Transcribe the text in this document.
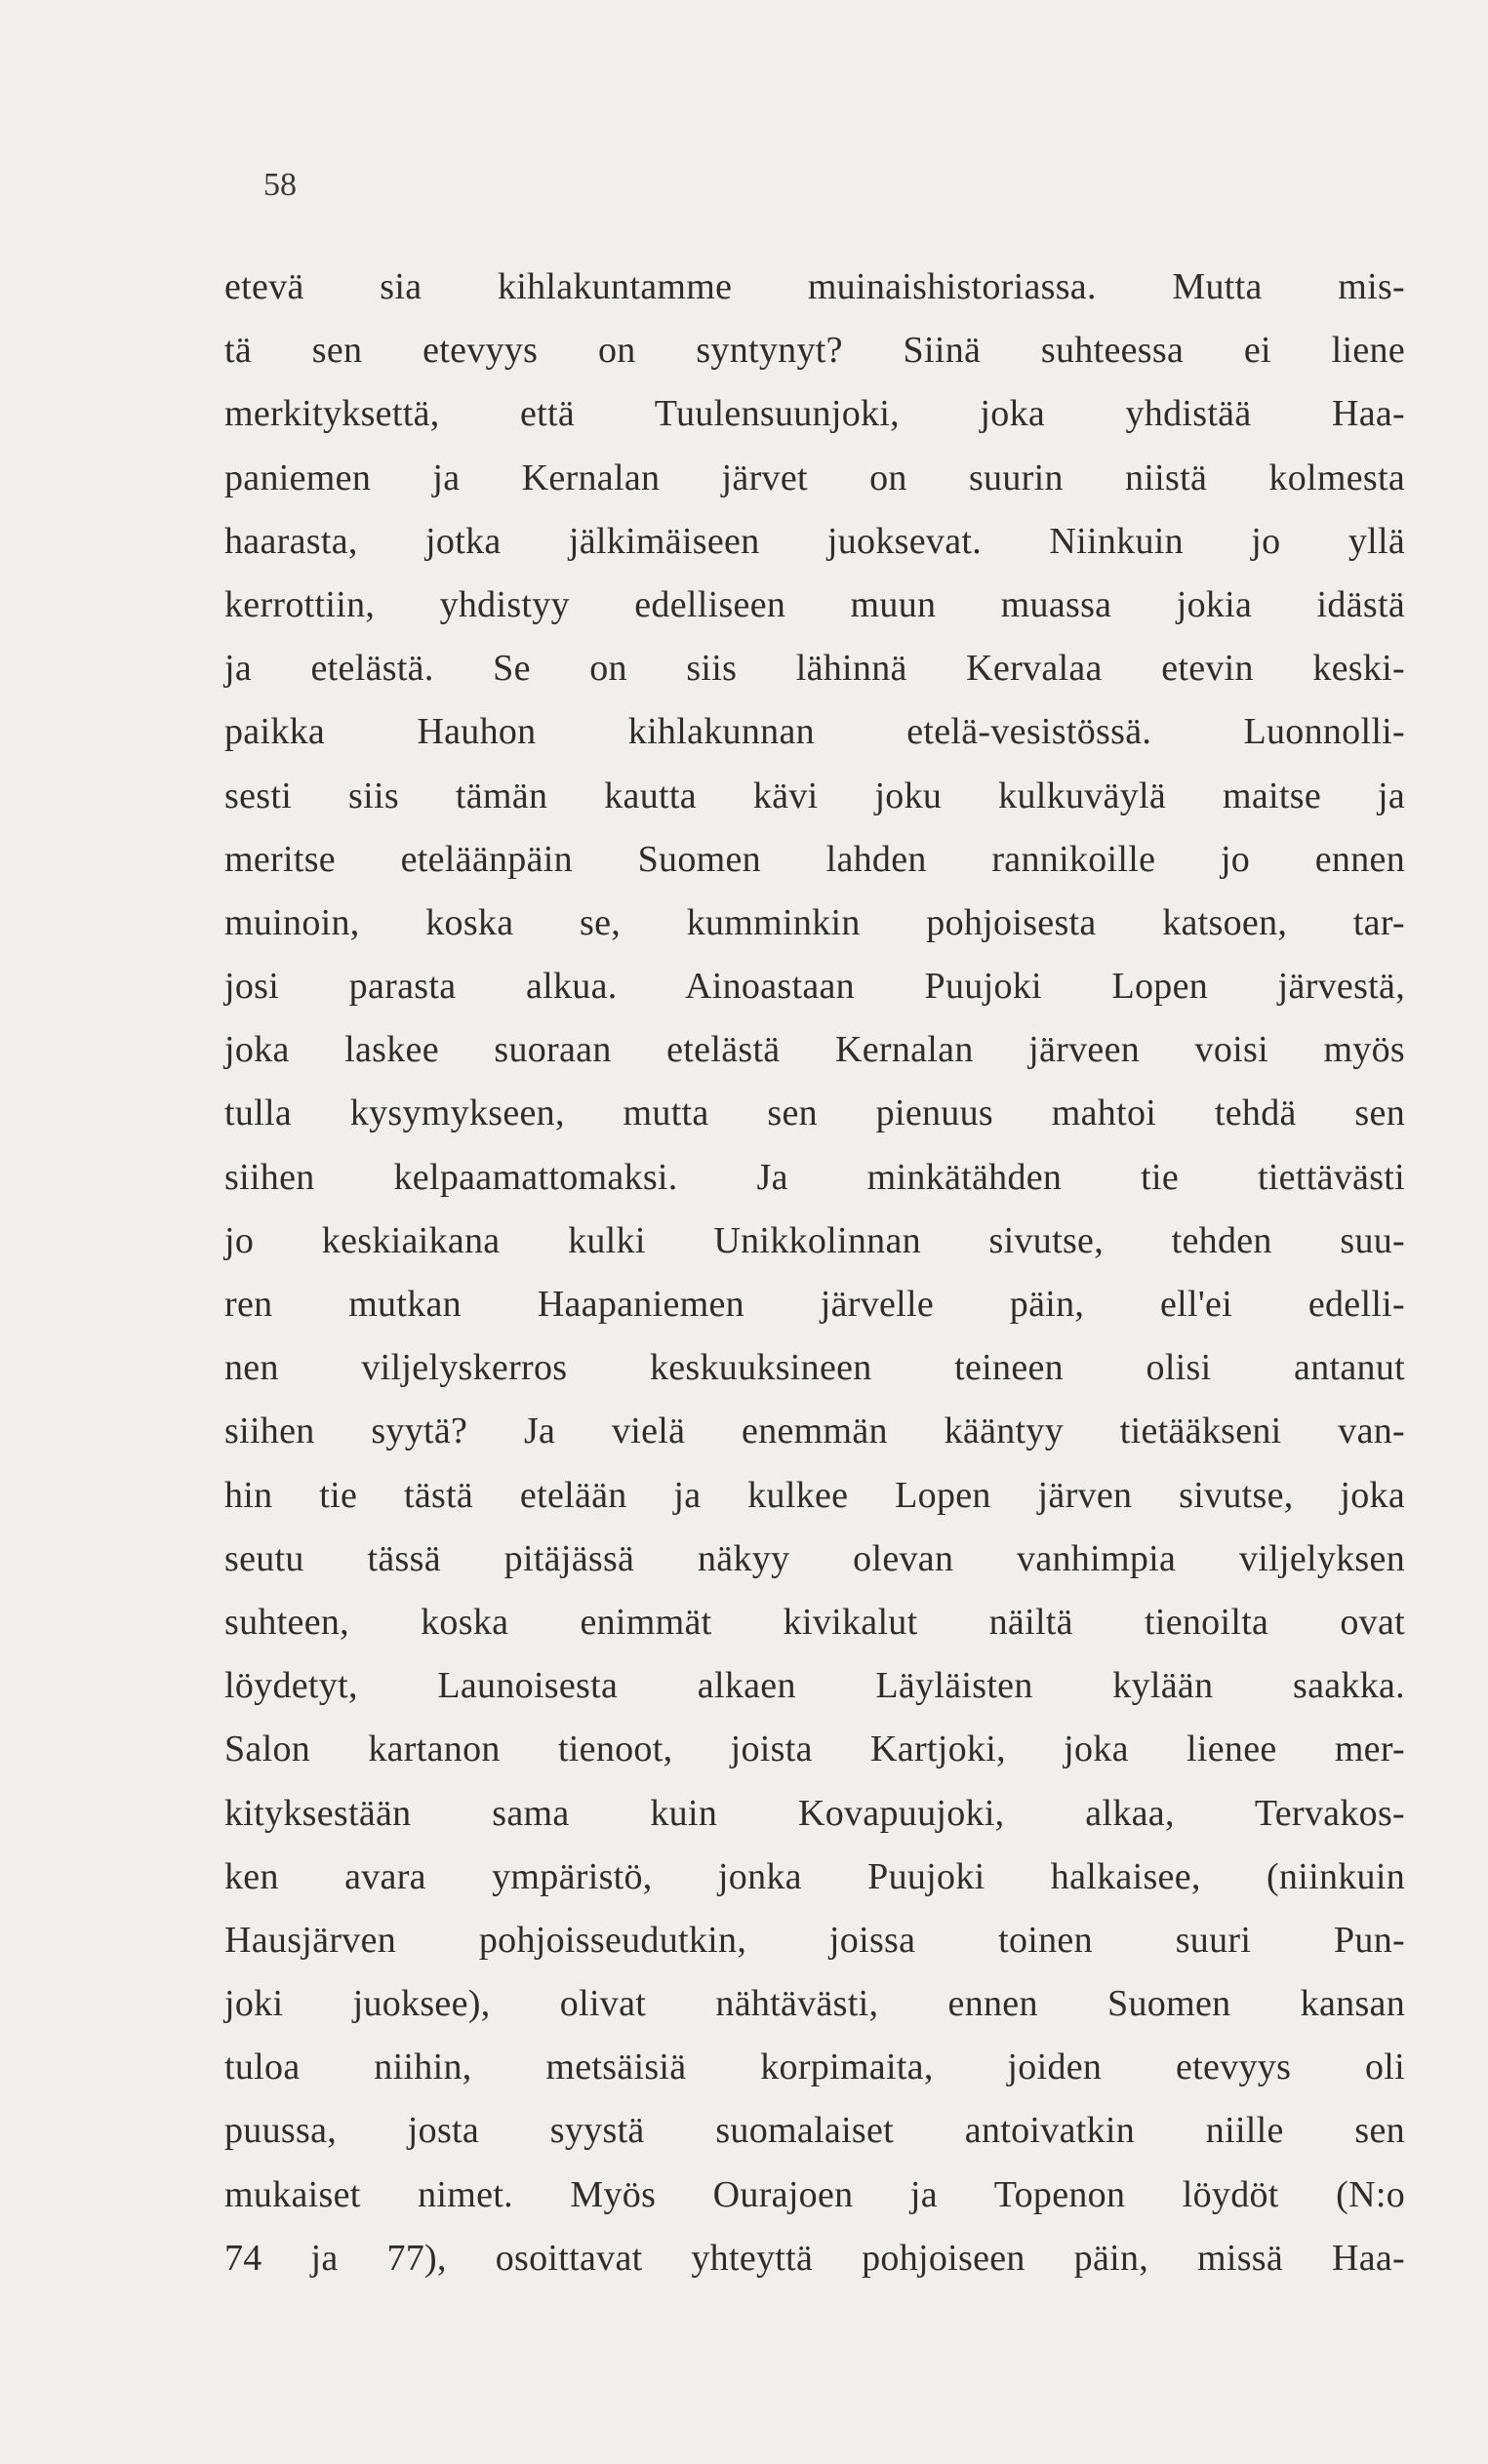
58
etevä sia kihlakuntamme muinaishistoriassa. Mutta mis-
tä sen etevyys on syntynyt? Siinä suhteessa ei liene
merkityksettä, että Tuulensuunjoki, joka yhdistää Haa-
paniemen ja Kernalan järvet on suurin niistä kolmesta
haarasta, jotka jälkimäiseen juoksevat. Niinkuin jo yllä
kerrottiin, yhdistyy edelliseen muun muassa jokia idästä
ja etelästä. Se on siis lähinnä Kervalaa etevin keski-
paikka Hauhon kihlakunnan etelä-vesistössä. Luonnolli-
sesti siis tämän kautta kävi joku kulkuväylä maitse ja
meritse eteläänpäin Suomen lahden rannikoille jo ennen
muinoin, koska se, kumminkin pohjoisesta katsoen, tar-
josi parasta alkua. Ainoastaan Puujoki Lopen järvestä,
joka laskee suoraan etelästä Kernalan järveen voisi myös
tulla kysymykseen, mutta sen pienuus mahtoi tehdä sen
siihen kelpaamattomaksi. Ja minkätähden tie tiettävästi
jo keskiaikana kulki Unikkolinnan sivutse, tehden suu-
ren mutkan Haapaniemen järvelle päin, ell'ei edelli-
nen viljelyskerros keskuuksineen teineen olisi antanut
siihen syytä? Ja vielä enemmän kääntyy tietääkseni van-
hin tie tästä etelään ja kulkee Lopen järven sivutse, joka
seutu tässä pitäjässä näkyy olevan vanhimpia viljelyksen
suhteen, koska enimmät kivikalut näiltä tienoilta ovat
löydetyt, Launoisesta alkaen Läyläisten kylään saakka.
Salon kartanon tienoot, joista Kartjoki, joka lienee mer-
kityksestään sama kuin Kovapuujoki, alkaa, Tervakos-
ken avara ympäristö, jonka Puujoki halkaisee, (niinkuin
Hausjärven pohjoisseudutkin, joissa toinen suuri Pun-
joki juoksee), olivat nähtävästi, ennen Suomen kansan
tuloa niihin, metsäisiä korpimaita, joiden etevyys oli
puussa, josta syystä suomalaiset antoivatkin niille sen
mukaiset nimet. Myös Ourajoen ja Topenon löydöt (N:o
74 ja 77), osoittavat yhteyttä pohjoiseen päin, missä Haa-
